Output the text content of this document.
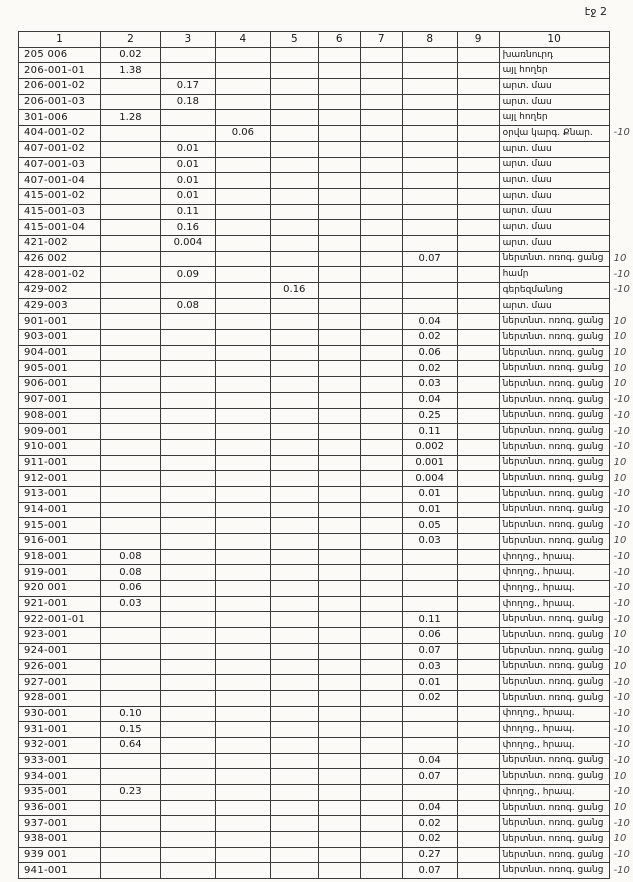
էջ 2
1	2	3	4	5	6	7	8	9	10	
205 006	0.02								խառնուրդ	
206-001-01	1.38								այլ հողեր	
206-001-02		0.17							արտ. մաս	
206-001-03		0.18							արտ. մաս	
301-006	1.28								այլ հողեր	
404-001-02			0.06						օրվա կարգ. Քնար.	-10
407-001-02		0.01							արտ. մաս	
407-001-03		0.01							արտ. մաս	
407-001-04		0.01							արտ. մաս	
415-001-02		0.01							արտ. մաս	
415-001-03		0.11							արտ. մաս	
415-001-04		0.16							արտ. մաս	
421-002		0.004							արտ. մաս	
426 002							0.07		ներտնտ. ոռոգ. ցանց	10
428-001-02		0.09							համր	-10
429-002				0.16					գերեզմանոց	-10
429-003		0.08							արտ. մաս	
901-001							0.04		ներտնտ. ոռոգ. ցանց	10
903-001							0.02		ներտնտ. ոռոգ. ցանց	10
904-001							0.06		ներտնտ. ոռոգ. ցանց	10
905-001							0.02		ներտնտ. ոռոգ. ցանց	10
906-001							0.03		ներտնտ. ոռոգ. ցանց	10
907-001							0.04		ներտնտ. ոռոգ. ցանց	-10
908-001							0.25		ներտնտ. ոռոգ. ցանց	-10
909-001							0.11		ներտնտ. ոռոգ. ցանց	-10
910-001							0.002		ներտնտ. ոռոգ. ցանց	-10
911-001							0.001		ներտնտ. ոռոգ. ցանց	10
912-001							0.004		ներտնտ. ոռոգ. ցանց	10
913-001							0.01		ներտնտ. ոռոգ. ցանց	-10
914-001							0.01		ներտնտ. ոռոգ. ցանց	-10
915-001							0.05		ներտնտ. ոռոգ. ցանց	-10
916-001							0.03		ներտնտ. ոռոգ. ցանց	10
918-001	0.08								փողոց., հրապ.	-10
919-001	0.08								փողոց., հրապ.	-10
920 001	0.06								փողոց., հրապ.	-10
921-001	0.03								փողոց., հրապ.	-10
922-001-01							0.11		ներտնտ. ոռոգ. ցանց	-10
923-001							0.06		ներտնտ. ոռոգ. ցանց	10
924-001							0.07		ներտնտ. ոռոգ. ցանց	-10
926-001							0.03		ներտնտ. ոռոգ. ցանց	10
927-001							0.01		ներտնտ. ոռոգ. ցանց	-10
928-001							0.02		ներտնտ. ոռոգ. ցանց	-10
930-001	0.10								փողոց., հրապ.	-10
931-001	0.15								փողոց., հրապ.	-10
932-001	0.64								փողոց., հրապ.	-10
933-001							0.04		ներտնտ. ոռոգ. ցանց	-10
934-001							0.07		ներտնտ. ոռոգ. ցանց	10
935-001	0.23								փողոց., հրապ.	-10
936-001							0.04		ներտնտ. ոռոգ. ցանց	10
937-001							0.02		ներտնտ. ոռոգ. ցանց	-10
938-001							0.02		ներտնտ. ոռոգ. ցանց	10
939 001							0.27		ներտնտ. ոռոգ. ցանց	-10
941-001							0.07		ներտնտ. ոռոգ. ցանց	-10
